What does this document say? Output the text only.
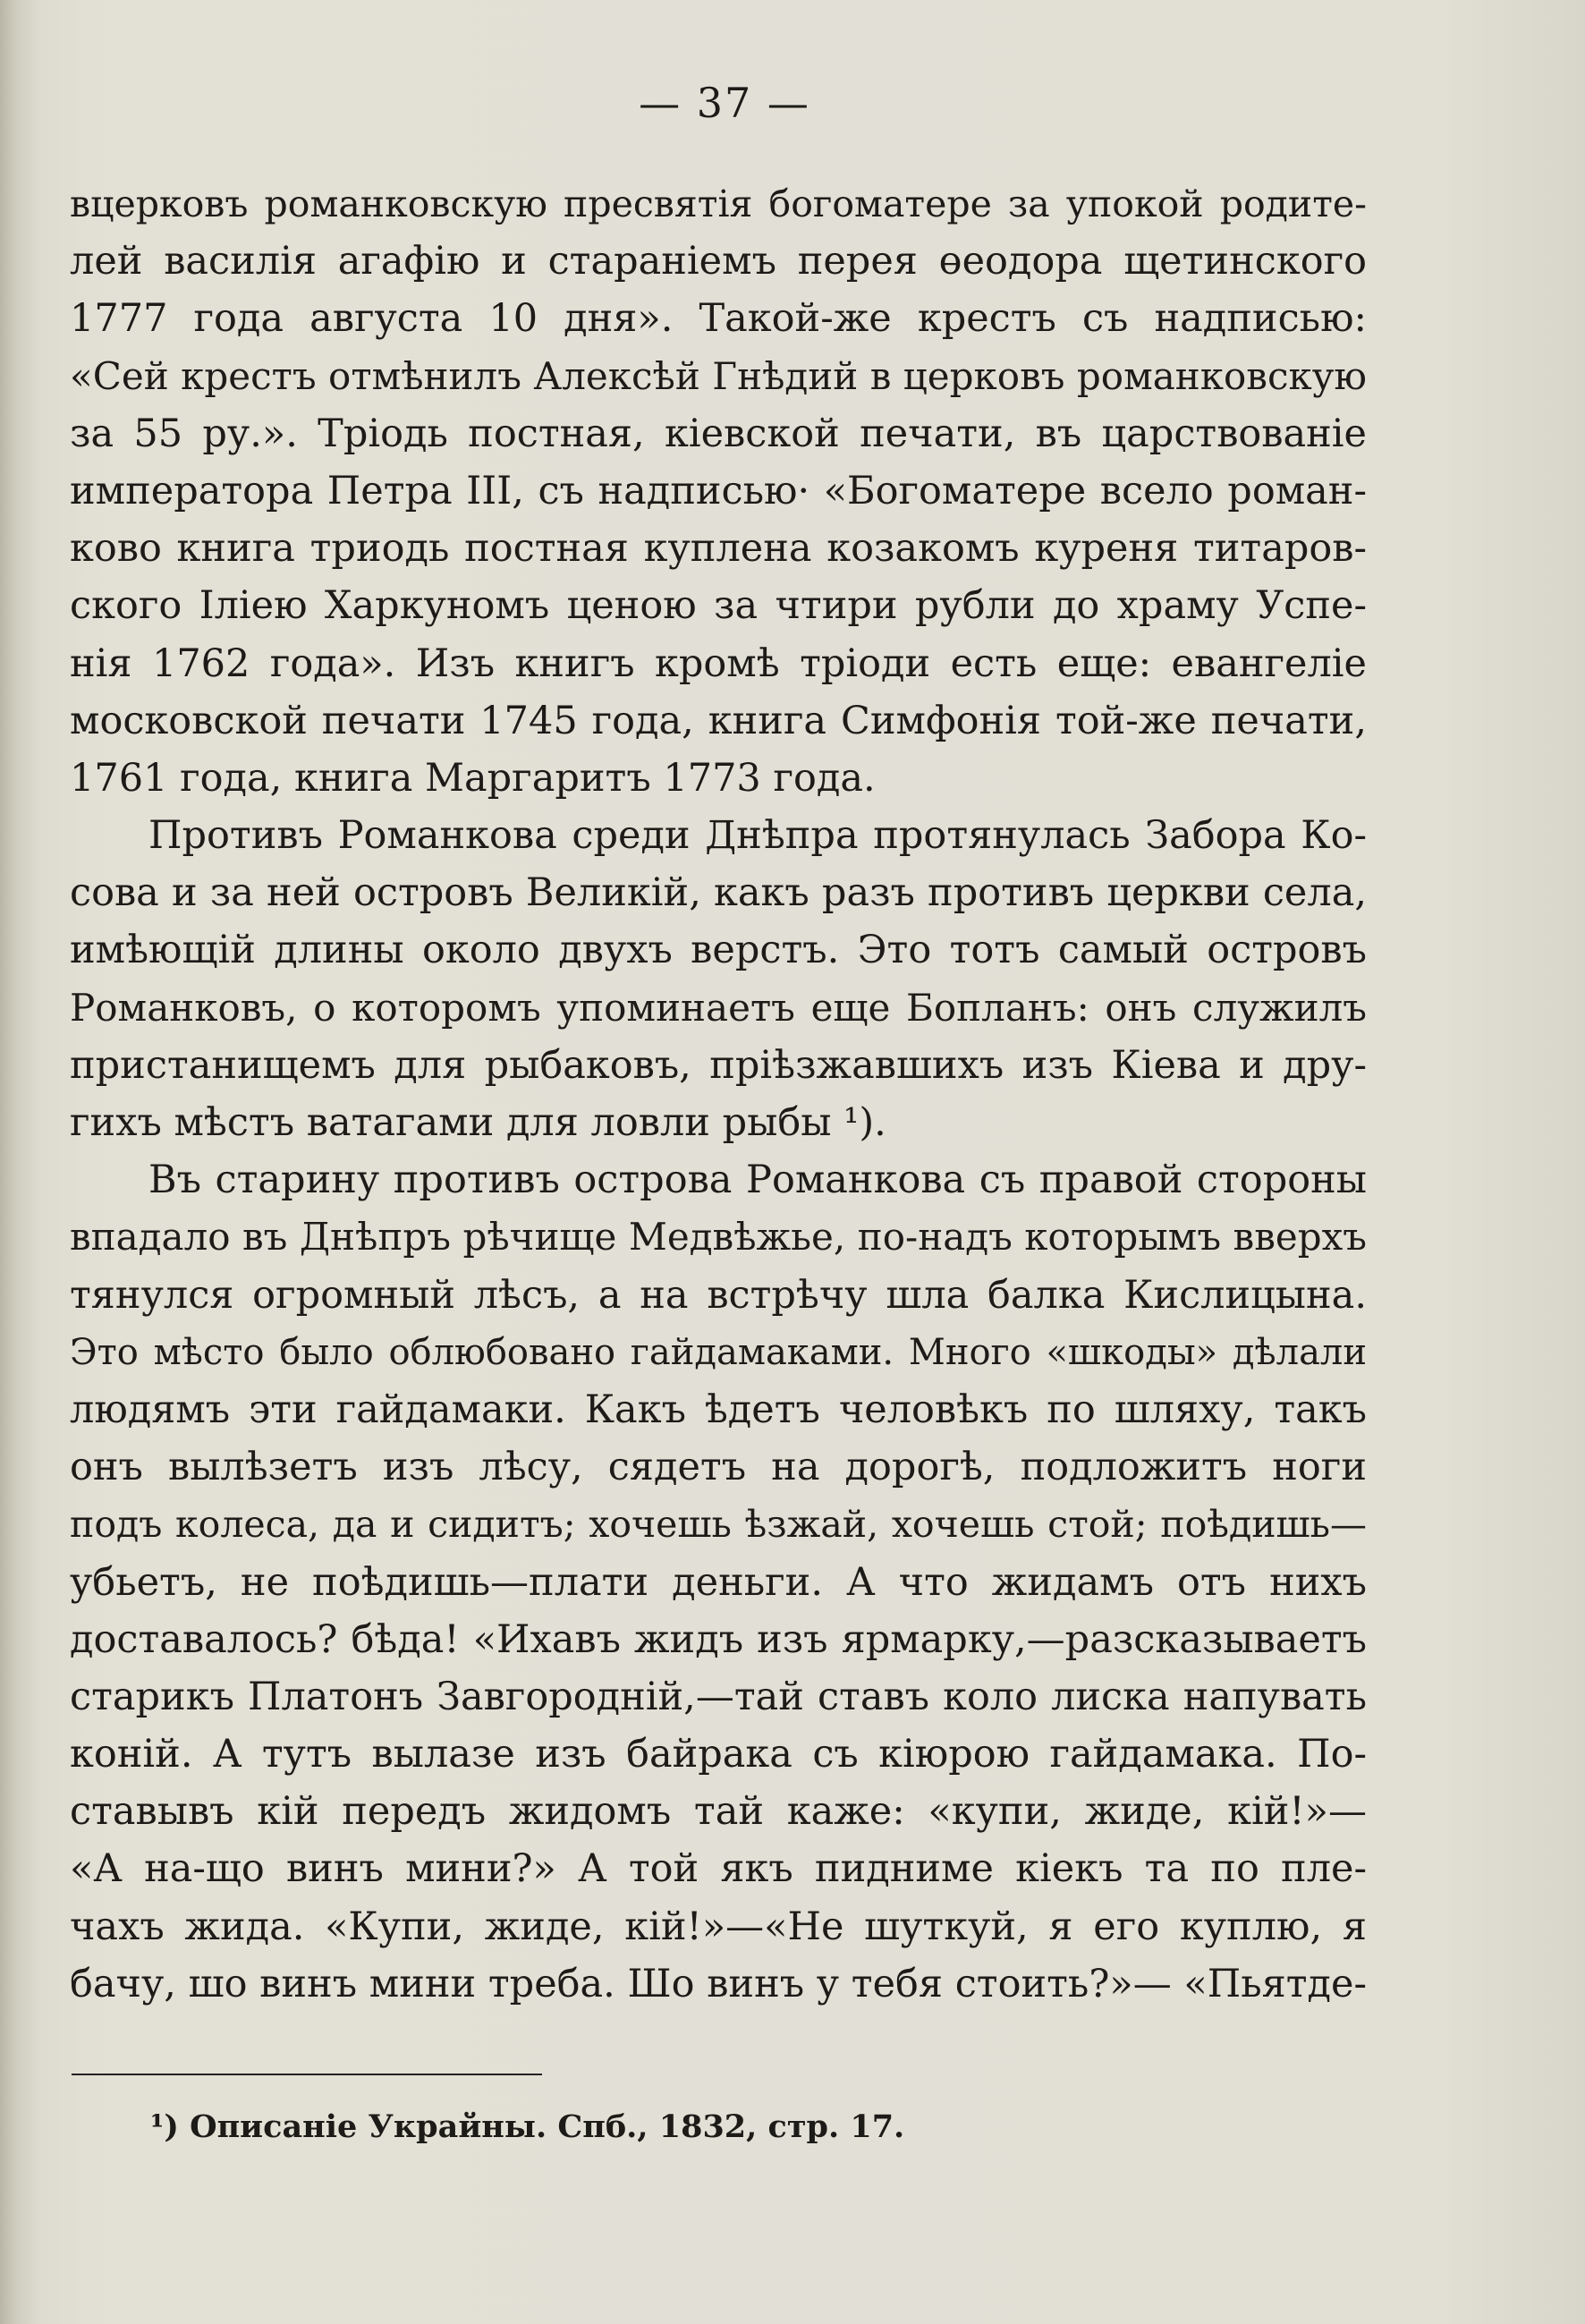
— 37 —
вцерковъ романковскую пресвятія богоматере за упокой родите-
лей василія агафію и стараніемъ перея өеодора щетинского
1777 года августа 10 дня». Такой-же крестъ съ надписью:
«Сей крестъ отмѣнилъ Алексѣй Гнѣдий в церковъ романковскую
за 55 ру.». Тріодь постная, кіевской печати, въ царствованіе
императора Петра III, съ надписью· «Богоматере всело роман-
ково книга триодь постная куплена козакомъ куреня титаров-
ского Іліею Харкуномъ ценою за чтири рубли до храму Успе-
нія 1762 года». Изъ книгъ кромѣ тріоди есть еще: евангеліе
московской печати 1745 года, книга Симфонія той-же печати,
1761 года, книга Маргаритъ 1773 года.
Противъ Романкова среди Днѣпра протянулась Забора Ко-
сова и за ней островъ Великій, какъ разъ противъ церкви села,
имѣющій длины около двухъ верстъ. Это тотъ самый островъ
Романковъ, о которомъ упоминаетъ еще Бопланъ: онъ служилъ
пристанищемъ для рыбаковъ, пріѣзжавшихъ изъ Кіева и дру-
гихъ мѣстъ ватагами для ловли рыбы ¹).
Въ старину противъ острова Романкова съ правой стороны
впадало въ Днѣпръ рѣчище Медвѣжье, по-надъ которымъ вверхъ
тянулся огромный лѣсъ, а на встрѣчу шла балка Кислицына.
Это мѣсто было облюбовано гайдамаками. Много «шкоды» дѣлали
людямъ эти гайдамаки. Какъ ѣдетъ человѣкъ по шляху, такъ
онъ вылѣзетъ изъ лѣсу, сядетъ на дорогѣ, подложитъ ноги
подъ колеса, да и сидитъ; хочешь ѣзжай, хочешь стой; поѣдишь—
убьетъ, не поѣдишь—плати деньги. А что жидамъ отъ нихъ
доставалось? бѣда! «Ихавъ жидъ изъ ярмарку,—разсказываетъ
старикъ Платонъ Завгородній,—тай ставъ коло лиска напувать
коній. А тутъ вылазе изъ байрака съ кіюрою гайдамака. По-
ставывъ кій передъ жидомъ тай каже: «купи, жиде, кій!»—
«А на-що винъ мини?» А той якъ пидниме кіекъ та по пле-
чахъ жида. «Купи, жиде, кій!»—«Не шуткуй, я его куплю, я
бачу, шо винъ мини треба. Шо винъ у тебя стоить?»— «Пьятде-
¹) Описаніе Украйны. Спб., 1832, стр. 17.
